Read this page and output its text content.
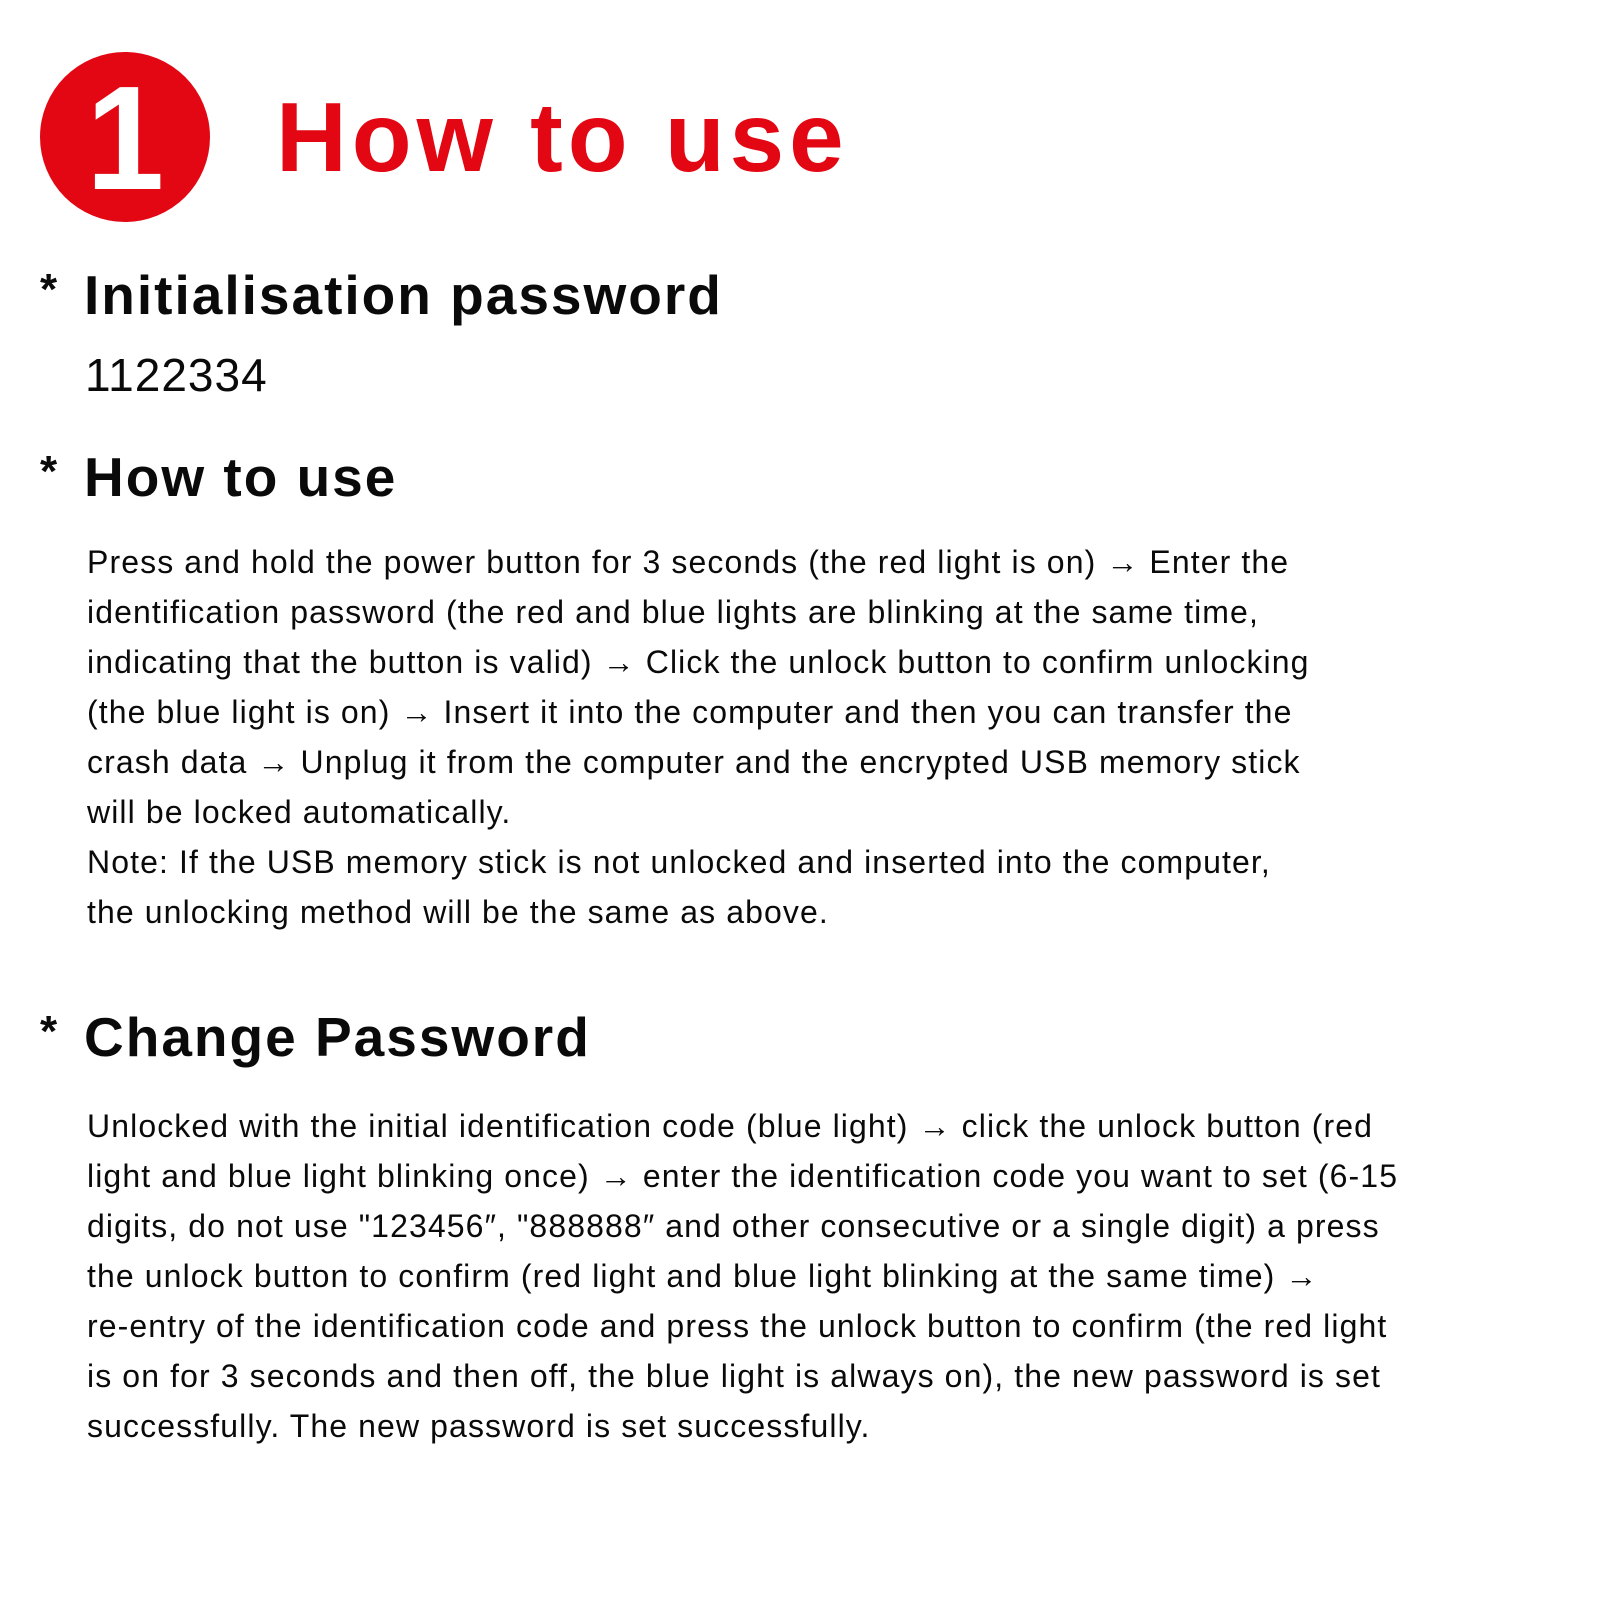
1 How to use
* Initialisation password
1122334
* How to use
Press and hold the power button for 3 seconds (the red light is on) → Enter the
identification password (the red and blue lights are blinking at the same time,
indicating that the button is valid) → Click the unlock button to confirm unlocking
(the blue light is on) → Insert it into the computer and then you can transfer the
crash data → Unplug it from the computer and the encrypted USB memory stick
will be locked automatically.
Note: If the USB memory stick is not unlocked and inserted into the computer,
the unlocking method will be the same as above.
* Change Password
Unlocked with the initial identification code (blue light) → click the unlock button (red
light and blue light blinking once) → enter the identification code you want to set (6-15
digits, do not use "123456″, "888888″ and other consecutive or a single digit) a press
the unlock button to confirm (red light and blue light blinking at the same time) →
re-entry of the identification code and press the unlock button to confirm (the red light
is on for 3 seconds and then off, the blue light is always on), the new password is set
successfully. The new password is set successfully.
